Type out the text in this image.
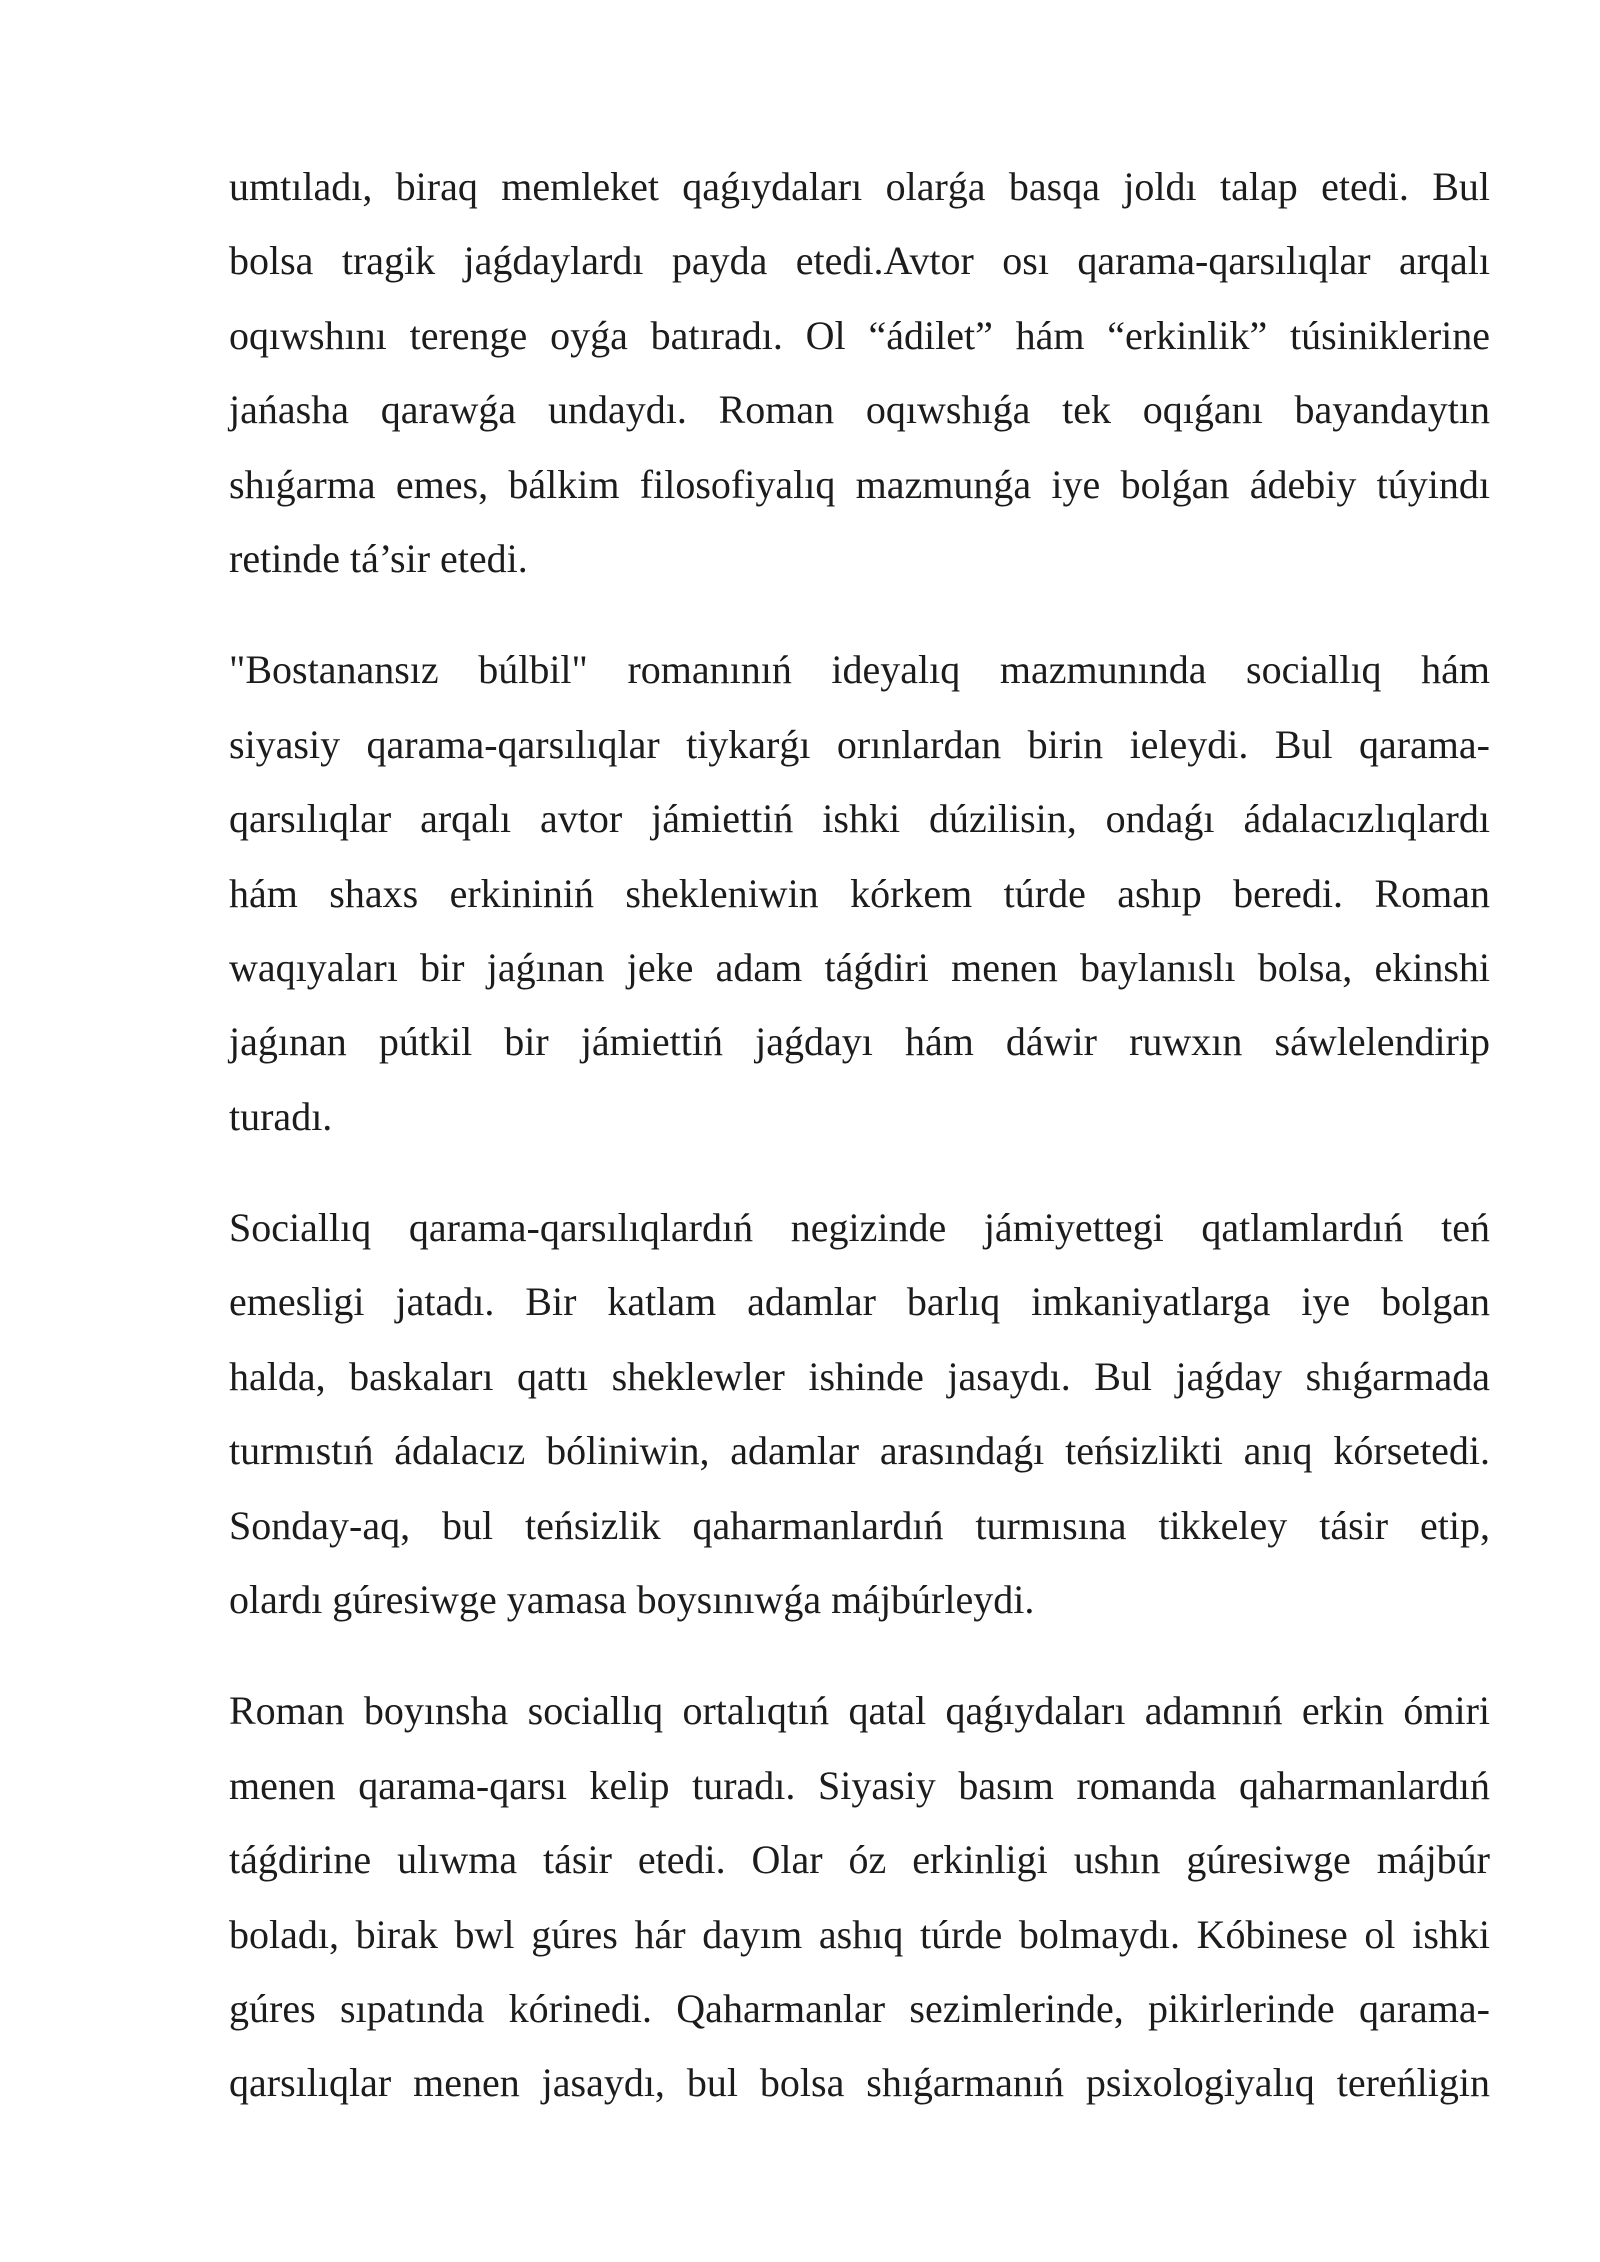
umtıladı, biraq memleket qaǵıydaları olarǵa basqa joldı talap etedi. Bul
bolsa tragik jaǵdaylardı payda etedi.Avtor osı qarama-qarsılıqlar arqalı
oqıwshını terenge oyǵa batıradı. Ol “ádilet” hám “erkinlik” túsiniklerine
jańasha qarawǵa undaydı. Roman oqıwshıǵa tek oqıǵanı bayandaytın
shıǵarma emes, bálkim filosofiyalıq mazmunǵa iye bolǵan ádebiy túyindı
retinde tá’sir etedi.
"Bostanansız búlbil" romanınıń ideyalıq mazmunında sociallıq hám
siyasiy qarama-qarsılıqlar tiykarǵı orınlardan birin ieleydi. Bul qarama-
qarsılıqlar arqalı avtor jámiettiń ishki dúzilisin, ondaǵı ádalacızlıqlardı
hám shaxs erkininiń shekleniwin kórkem túrde ashıp beredi. Roman
waqıyaları bir jaǵınan jeke adam táǵdiri menen baylanıslı bolsa, ekinshi
jaǵınan pútkil bir jámiettiń jaǵdayı hám dáwir ruwxın sáwlelendirip
turadı.
Sociallıq qarama-qarsılıqlardıń negizinde jámiyettegi qatlamlardıń teń
emesligi jatadı. Bir katlam adamlar barlıq imkaniyatlarga iye bolgan
halda, baskaları qattı sheklewler ishinde jasaydı. Bul jaǵday shıǵarmada
turmıstıń ádalacız bóliniwin, adamlar arasındaǵı teńsizlikti anıq kórsetedi.
Sonday-aq, bul teńsizlik qaharmanlardıń turmısına tikkeley tásir etip,
olardı gúresiwge yamasa boysınıwǵa májbúrleydi.
Roman boyınsha sociallıq ortalıqtıń qatal qaǵıydaları adamnıń erkin ómiri
menen qarama-qarsı kelip turadı. Siyasiy basım romanda qaharmanlardıń
táǵdirine ulıwma tásir etedi. Olar óz erkinligi ushın gúresiwge májbúr
boladı, birak bwl gúres hár dayım ashıq túrde bolmaydı. Kóbinese ol ishki
gúres sıpatında kórinedi. Qaharmanlar sezimlerinde, pikirlerinde qarama-
qarsılıqlar menen jasaydı, bul bolsa shıǵarmanıń psixologiyalıq tereńligin
